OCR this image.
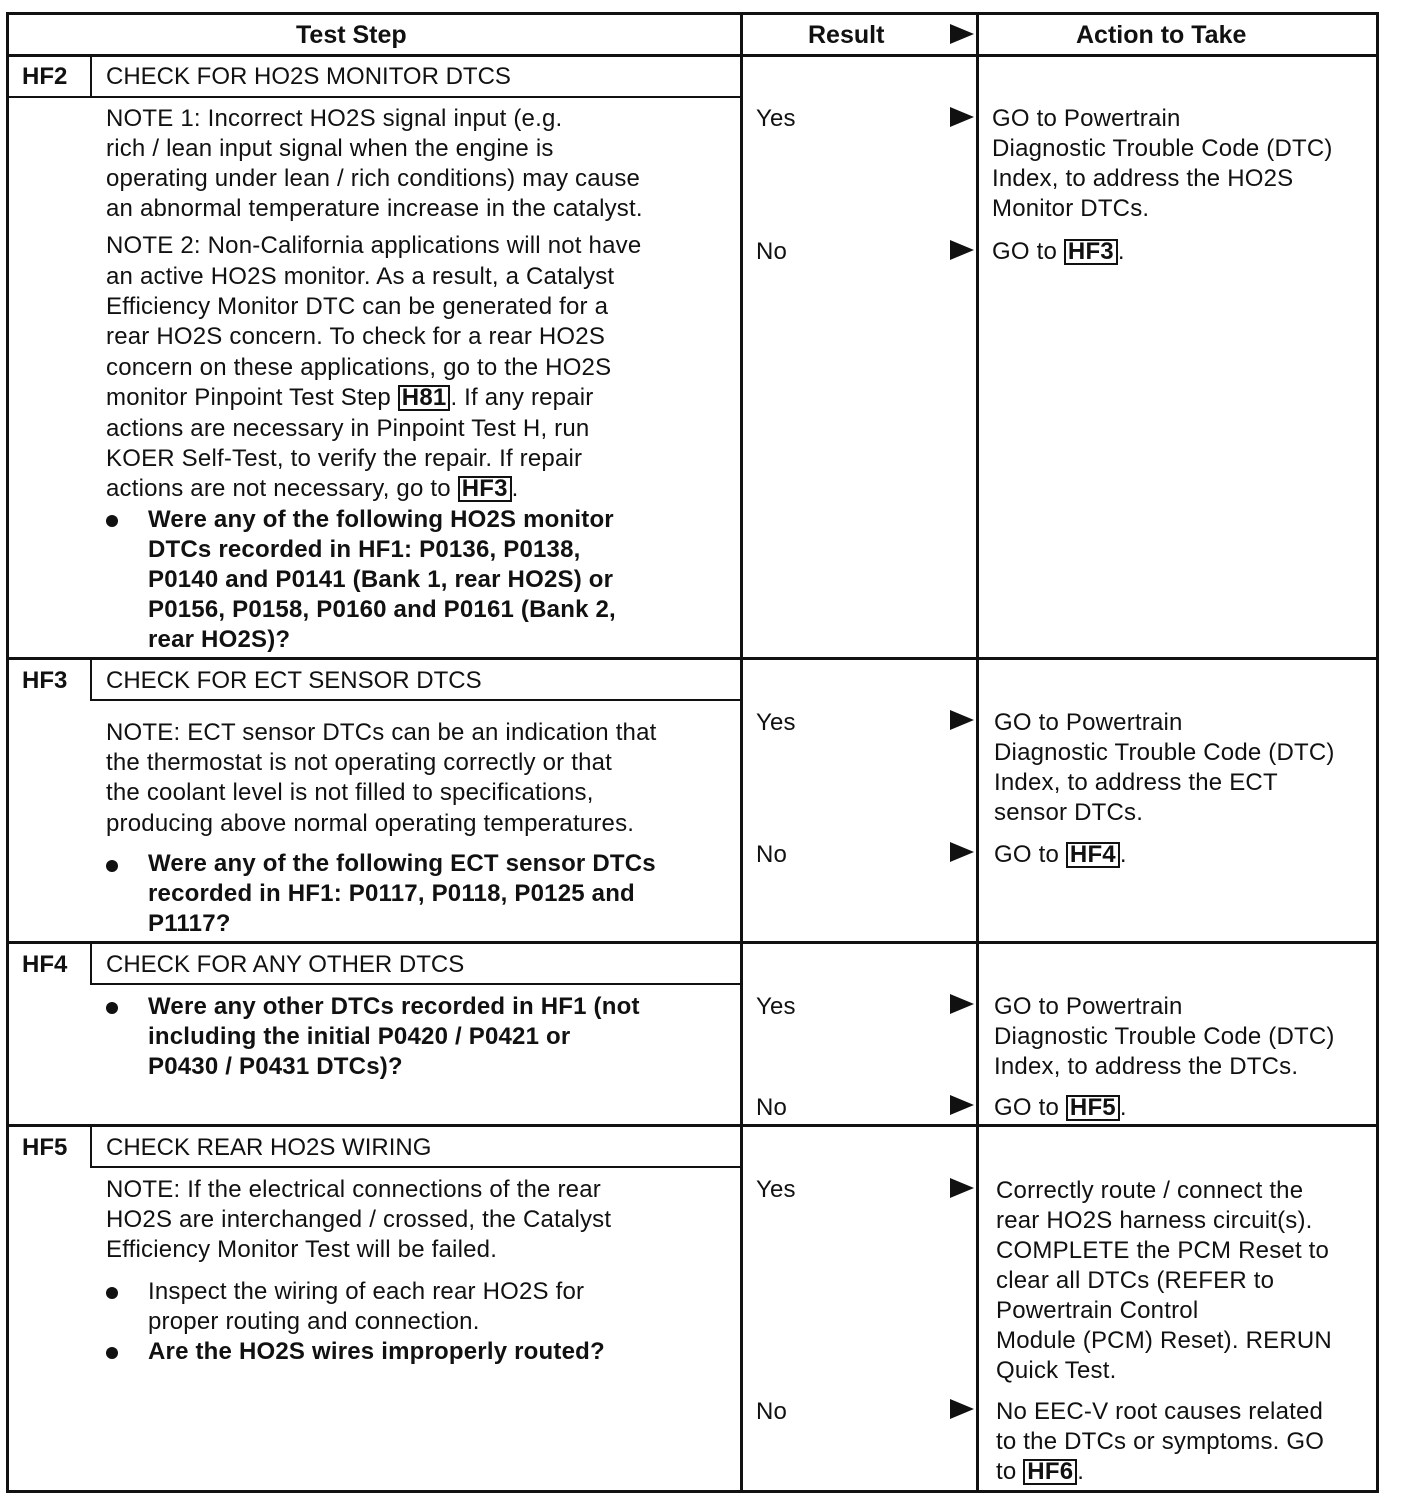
Test Step	Result	Action to Take
HF2 CHECK FOR HO2S MONITOR DTCS
NOTE 1: Incorrect HO2S signal input (e.g.
rich / lean input signal when the engine is
operating under lean / rich conditions) may cause
an abnormal temperature increase in the catalyst.
NOTE 2: Non-California applications will not have
an active HO2S monitor. As a result, a Catalyst
Efficiency Monitor DTC can be generated for a
rear HO2S concern. To check for a rear HO2S
concern on these applications, go to the HO2S
monitor Pinpoint Test Step H81 . If any repair
actions are necessary in Pinpoint Test H, run
KOER Self-Test, to verify the repair. If repair
actions are not necessary, go to HF3 .
Were any of the following HO2S monitor
DTCs recorded in HF1: P0136, P0138,
P0140 and P0141 (Bank 1, rear HO2S) or
P0156, P0158, P0160 and P0161 (Bank 2,
rear HO2S)?
Yes	GO to Powertrain
Diagnostic Trouble Code (DTC)
Index, to address the HO2S
Monitor DTCs.
No	GO to HF3 .
HF3 CHECK FOR ECT SENSOR DTCS
NOTE: ECT sensor DTCs can be an indication that
the thermostat is not operating correctly or that
the coolant level is not filled to specifications,
producing above normal operating temperatures.
Were any of the following ECT sensor DTCs
recorded in HF1: P0117, P0118, P0125 and
P1117?
Yes	GO to Powertrain
Diagnostic Trouble Code (DTC)
Index, to address the ECT
sensor DTCs.
No	GO to HF4 .
HF4 CHECK FOR ANY OTHER DTCS
Were any other DTCs recorded in HF1 (not
including the initial P0420 / P0421 or
P0430 / P0431 DTCs)?
Yes	GO to Powertrain
Diagnostic Trouble Code (DTC)
Index, to address the DTCs.
No	GO to HF5 .
HF5 CHECK REAR HO2S WIRING
NOTE: If the electrical connections of the rear
HO2S are interchanged / crossed, the Catalyst
Efficiency Monitor Test will be failed.
Inspect the wiring of each rear HO2S for
proper routing and connection.
Are the HO2S wires improperly routed?
Yes	Correctly route / connect the
rear HO2S harness circuit(s).
COMPLETE the PCM Reset to
clear all DTCs (REFER to
Powertrain Control
Module (PCM) Reset). RERUN
Quick Test.
No	No EEC-V root causes related
to the DTCs or symptoms. GO
to HF6 .
